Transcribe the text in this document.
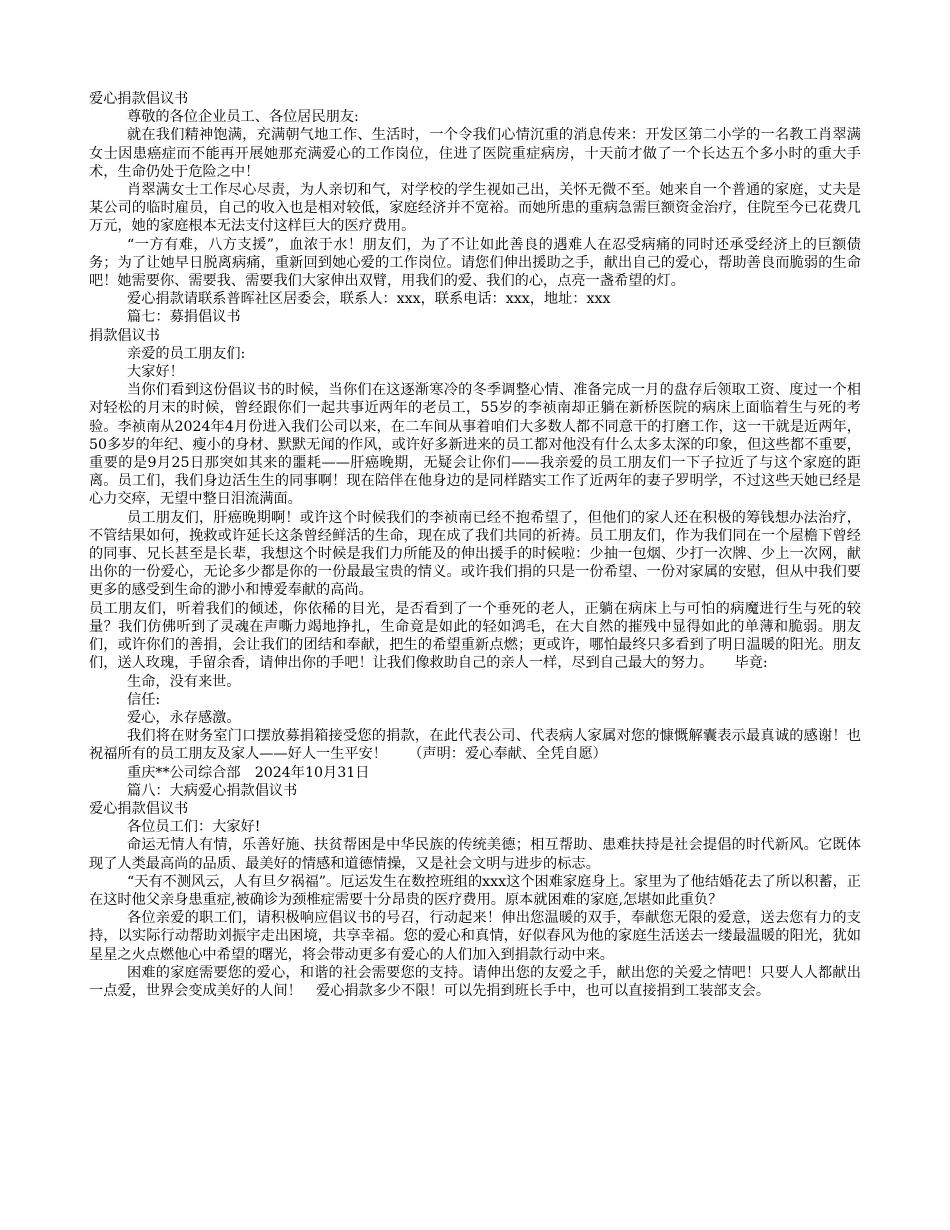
爱心捐款倡议书

尊敬的各位企业员工、各位居民朋友:

就在我们精神饱满，充满朝气地工作、生活时，一个令我们心情沉重的消息传来：开发区第二小学的一名教工肖翠满女士因患癌症而不能再开展她那充满爱心的工作岗位，住进了医院重症病房，十天前才做了一个长达五个多小时的重大手术，生命仍处于危险之中！

肖翠满女士工作尽心尽责，为人亲切和气，对学校的学生视如己出，关怀无微不至。她来自一个普通的家庭，丈夫是某公司的临时雇员，自己的收入也是相对较低，家庭经济并不宽裕。而她所患的重病急需巨额资金治疗，住院至今已花费几万元，她的家庭根本无法支付这样巨大的医疗费用。

“一方有难，八方支援”，血浓于水！朋友们，为了不让如此善良的遇难人在忍受病痛的同时还承受经济上的巨额债务；为了让她早日脱离病痛，重新回到她心爱的工作岗位。请您们伸出援助之手，献出自己的爱心，帮助善良而脆弱的生命吧！她需要你、需要我、需要我们大家伸出双臂，用我们的爱、我们的心，点亮一盏希望的灯。

爱心捐款请联系普晖社区居委会，联系人：xxx，联系电话：xxx，地址：xxx

篇七：募捐倡议书

捐款倡议书

亲爱的员工朋友们:

大家好！

当你们看到这份倡议书的时候，当你们在这逐渐寒冷的冬季调整心情、准备完成一月的盘存后领取工资、度过一个相对轻松的月末的时候，曾经跟你们一起共事近两年的老员工，55岁的李祯南却正躺在新桥医院的病床上面临着生与死的考验。李祯南从2024年4月份进入我们公司以来，在二车间从事着咱们大多数人都不同意干的打磨工作，这一干就是近两年，50多岁的年纪、瘦小的身材、默默无闻的作风，或许好多新进来的员工都对他没有什么太多太深的印象，但这些都不重要，重要的是9月25日那突如其来的噩耗——肝癌晚期，无疑会让你们——我亲爱的员工朋友们一下子拉近了与这个家庭的距离。员工们，我们身边活生生的同事啊！现在陪伴在他身边的是同样踏实工作了近两年的妻子罗明学，不过这些天她已经是心力交瘁，无望中整日泪流满面。

员工朋友们，肝癌晚期啊！或许这个时候我们的李祯南已经不抱希望了，但他们的家人还在积极的筹钱想办法治疗，不管结果如何，挽救或许延长这条曾经鲜活的生命，现在成了我们共同的祈祷。员工朋友们，作为我们同在一个屋檐下曾经的同事、兄长甚至是长辈，我想这个时候是我们力所能及的伸出援手的时候啦：少抽一包烟、少打一次牌、少上一次网，献出你的一份爱心，无论多少都是你的一份最最宝贵的情义。或许我们捐的只是一份希望、一份对家属的安慰，但从中我们要更多的感受到生命的渺小和博爱奉献的高尚。

员工朋友们，听着我们的倾述，你依稀的目光，是否看到了一个垂死的老人，正躺在病床上与可怕的病魔进行生与死的较量？我们仿佛听到了灵魂在声嘶力竭地挣扎，生命竟是如此的轻如鸿毛，在大自然的摧残中显得如此的单薄和脆弱。朋友们，或许你们的善捐，会让我们的团结和奉献，把生的希望重新点燃；更或许，哪怕最终只多看到了明日温暖的阳光。朋友们，送人玫瑰，手留余香，请伸出你的手吧！让我们像救助自己的亲人一样，尽到自己最大的努力。　　毕竟:

生命，没有来世。

信任:

爱心，永存感激。

我们将在财务室门口摆放募捐箱接受您的捐款，在此代表公司、代表病人家属对您的慷慨解囊表示最真诚的感谢！也祝福所有的员工朋友及家人——好人一生平安！　　（声明：爱心奉献、全凭自愿）

重庆**公司综合部　2024年10月31日

篇八：大病爱心捐款倡议书

爱心捐款倡议书

各位员工们：大家好!

命运无情人有情，乐善好施、扶贫帮困是中华民族的传统美德；相互帮助、患难扶持是社会提倡的时代新风。它既体现了人类最高尚的品质、最美好的情感和道德情操，又是社会文明与进步的标志。

“天有不测风云，人有旦夕祸福”。厄运发生在数控班组的xxx这个困难家庭身上。家里为了他结婚花去了所以积蓄，正在这时他父亲身患重症,被确诊为颈椎症需要十分昂贵的医疗费用。原本就困难的家庭,怎堪如此重负？

各位亲爱的职工们，请积极响应倡议书的号召，行动起来！伸出您温暖的双手，奉献您无限的爱意，送去您有力的支持，以实际行动帮助刘振宇走出困境，共享幸福。您的爱心和真情，好似春风为他的家庭生活送去一缕最温暖的阳光，犹如星星之火点燃他心中希望的曙光，将会带动更多有爱心的人们加入到捐款行动中来。

困难的家庭需要您的爱心，和谐的社会需要您的支持。请伸出您的友爱之手，献出您的关爱之情吧！只要人人都献出一点爱，世界会变成美好的人间！　爱心捐款多少不限！可以先捐到班长手中，也可以直接捐到工装部支会。
